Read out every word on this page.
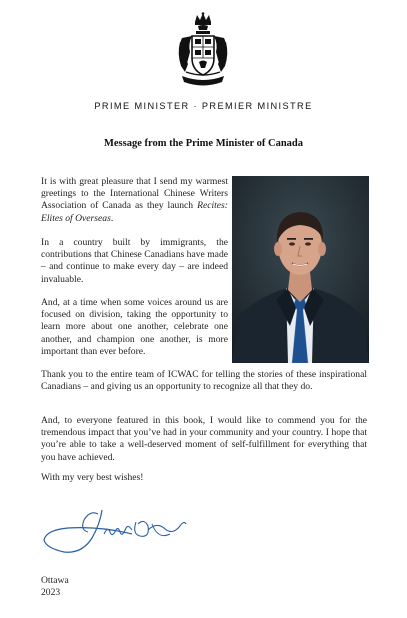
PRIME MINISTER · PREMIER MINISTRE
Message from the Prime Minister of Canada

It is with great pleasure that I send my warmest greetings to the International Chinese Writers Association of Canada as they launch Recites: Elites of Overseas.

In a country built by immigrants, the contributions that Chinese Canadians have made – and continue to make every day – are indeed invaluable.

And, at a time when some voices around us are focused on division, taking the opportunity to learn more about one another, celebrate one another, and champion one another, is more important than ever before.

Thank you to the entire team of ICWAC for telling the stories of these inspirational Canadians – and giving us an opportunity to recognize all that they do.

And, to everyone featured in this book, I would like to commend you for the tremendous impact that you’ve had in your community and your country. I hope that you’re able to take a well-deserved moment of self-fulfillment for everything that you have achieved.

With my very best wishes!

Ottawa
2023
